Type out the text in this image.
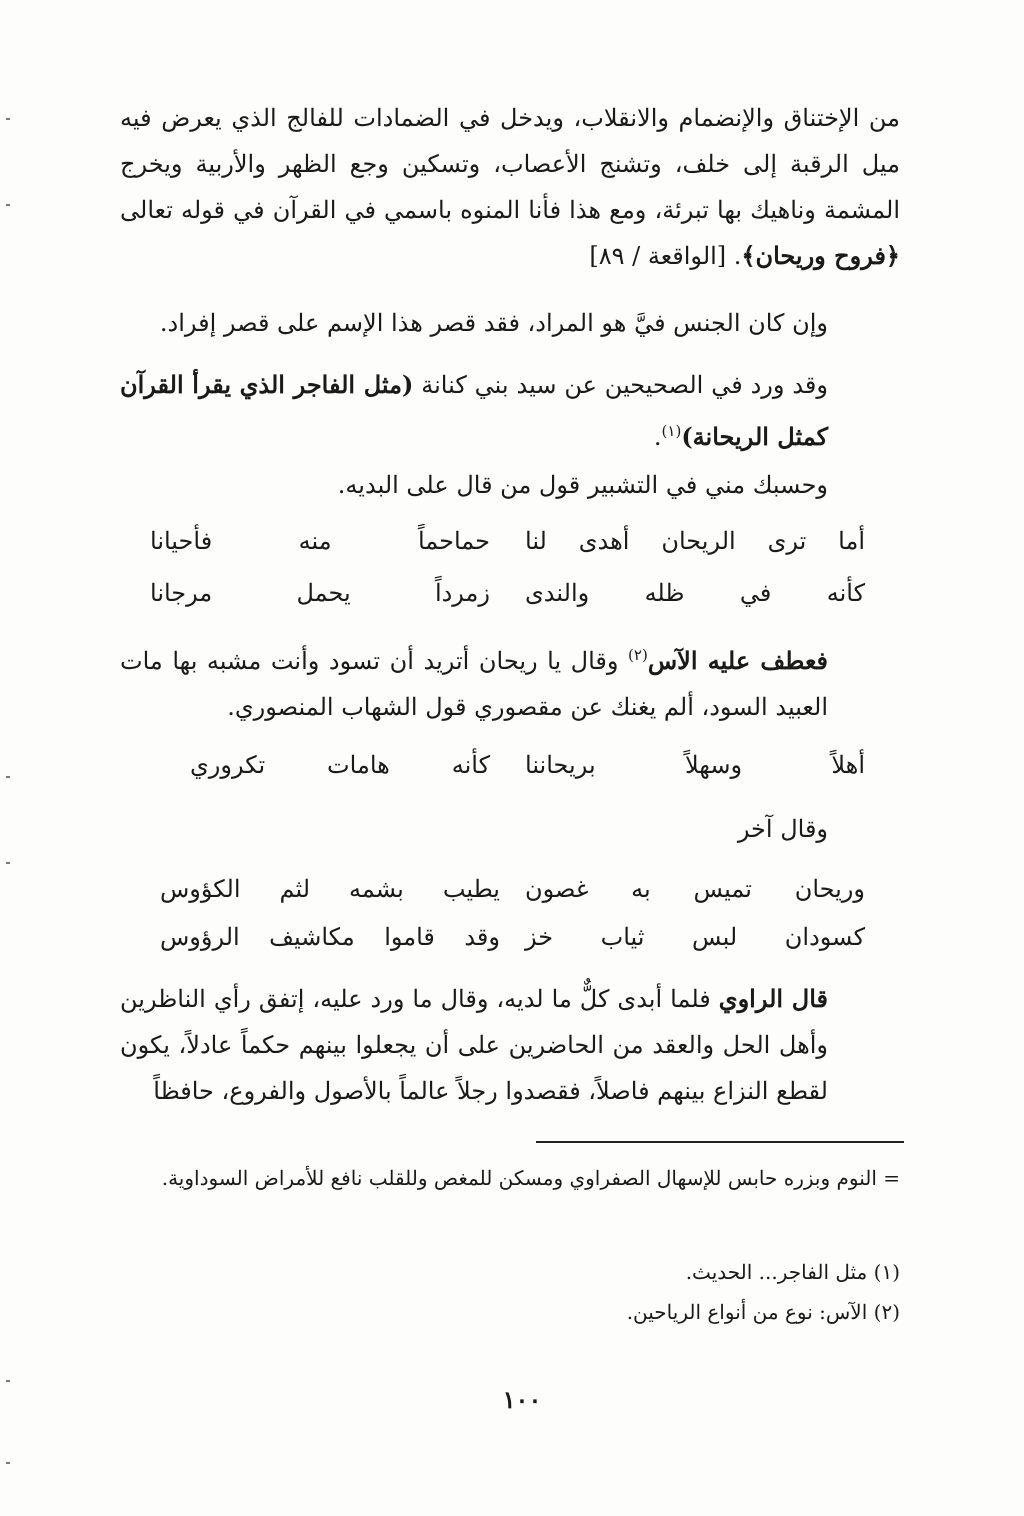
من الإختناق والإنضمام والانقلاب، ويدخل في الضمادات للفالج الذي يعرض فيه ميل الرقبة إلى خلف، وتشنج الأعصاب، وتسكين وجع الظهر والأربية ويخرج المشمة وناهيك بها تبرئة، ومع هذا فأنا المنوه باسمي في القرآن في قوله تعالى ﴿فروح وريحان﴾. [الواقعة / ٨٩]

وإن كان الجنس فيَّ هو المراد، فقد قصر هذا الإسم على قصر إفراد.

وقد ورد في الصحيحين عن سيد بني كنانة (مثل الفاجر الذي يقرأ القرآن كمثل الريحانة)$^{(١)}$.

وحسبك مني في التشبير قول من قال على البديه.

أما ترى الريحان أهدى لنا
حماحماً منه فأحيانا
كأنه في ظله والندى
زمرداً يحمل مرجانا

فعطف عليه الآس$^{(٢)}$ وقال يا ريحان أتريد أن تسود وأنت مشبه بها مات العبيد السود، ألم يغنك عن مقصوري قول الشهاب المنصوري.

أهلاً وسهلاً بريحاننا
كأنه هامات تكروري

وقال آخر

وريحان تميس به غصون
يطيب بشمه لثم الكؤوس
كسودان لبس ثياب خز
وقد قاموا مكاشيف الرؤوس

قال الراوي فلما أبدى كلٌّ ما لديه، وقال ما ورد عليه، إتفق رأي الناظرين وأهل الحل والعقد من الحاضرين على أن يجعلوا بينهم حكماً عادلاً، يكون لقطع النزاع بينهم فاصلاً، فقصدوا رجلاً عالماً بالأصول والفروع، حافظاً

= النوم وبزره حابس للإسهال الصفراوي ومسكن للمغص وللقلب نافع للأمراض السوداوية.
(١) مثل الفاجر... الحديث.
(٢) الآس: نوع من أنواع الرياحين.
١٠٠
